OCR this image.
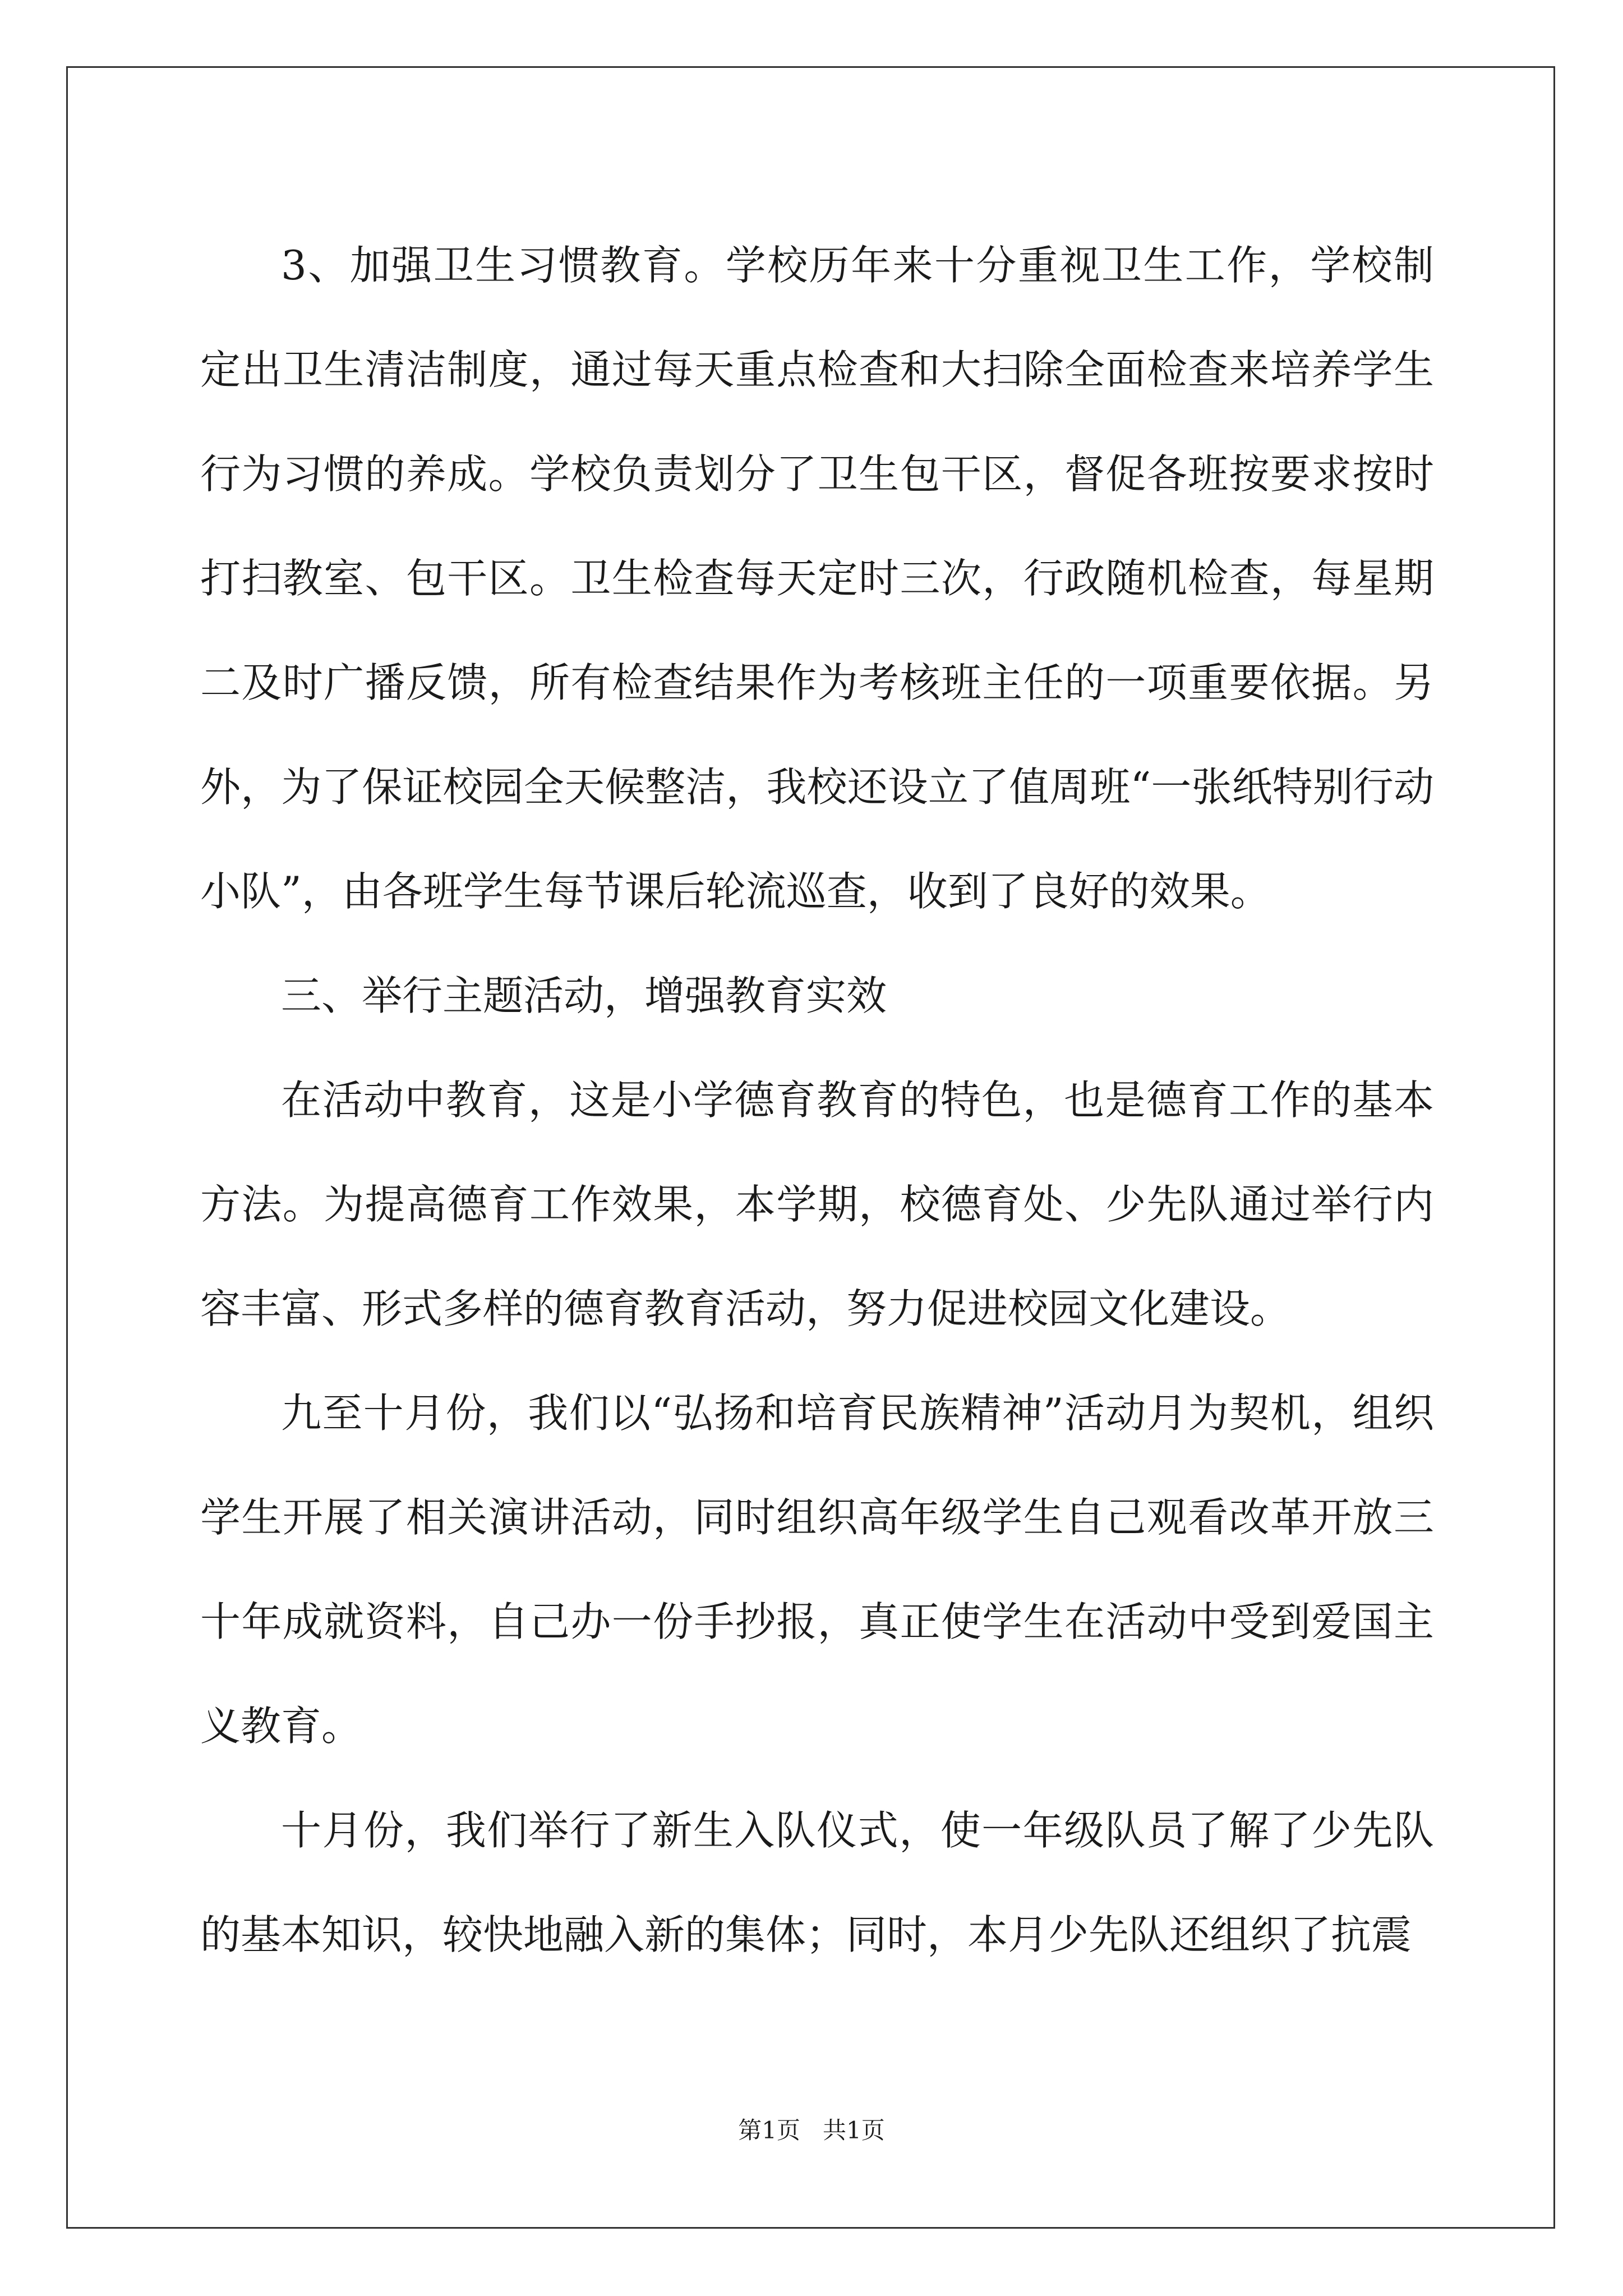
3、加强卫生习惯教育。学校历年来十分重视卫生工作，学校制定出卫生清洁制度，通过每天重点检查和大扫除全面检查来培养学生行为习惯的养成。学校负责划分了卫生包干区，督促各班按要求按时打扫教室、包干区。卫生检查每天定时三次，行政随机检查，每星期二及时广播反馈，所有检查结果作为考核班主任的一项重要依据。另外，为了保证校园全天候整洁，我校还设立了值周班“一张纸特别行动小队”，由各班学生每节课后轮流巡查，收到了良好的效果。

三、举行主题活动，增强教育实效

在活动中教育，这是小学德育教育的特色，也是德育工作的基本方法。为提高德育工作效果，本学期，校德育处、少先队通过举行内容丰富、形式多样的德育教育活动，努力促进校园文化建设。

九至十月份，我们以“弘扬和培育民族精神”活动月为契机，组织学生开展了相关演讲活动，同时组织高年级学生自己观看改革开放三十年成就资料，自己办一份手抄报，真正使学生在活动中受到爱国主义教育。

十月份，我们举行了新生入队仪式，使一年级队员了解了少先队的基本知识，较快地融入新的集体；同时，本月少先队还组织了抗震

第1页 共1页
